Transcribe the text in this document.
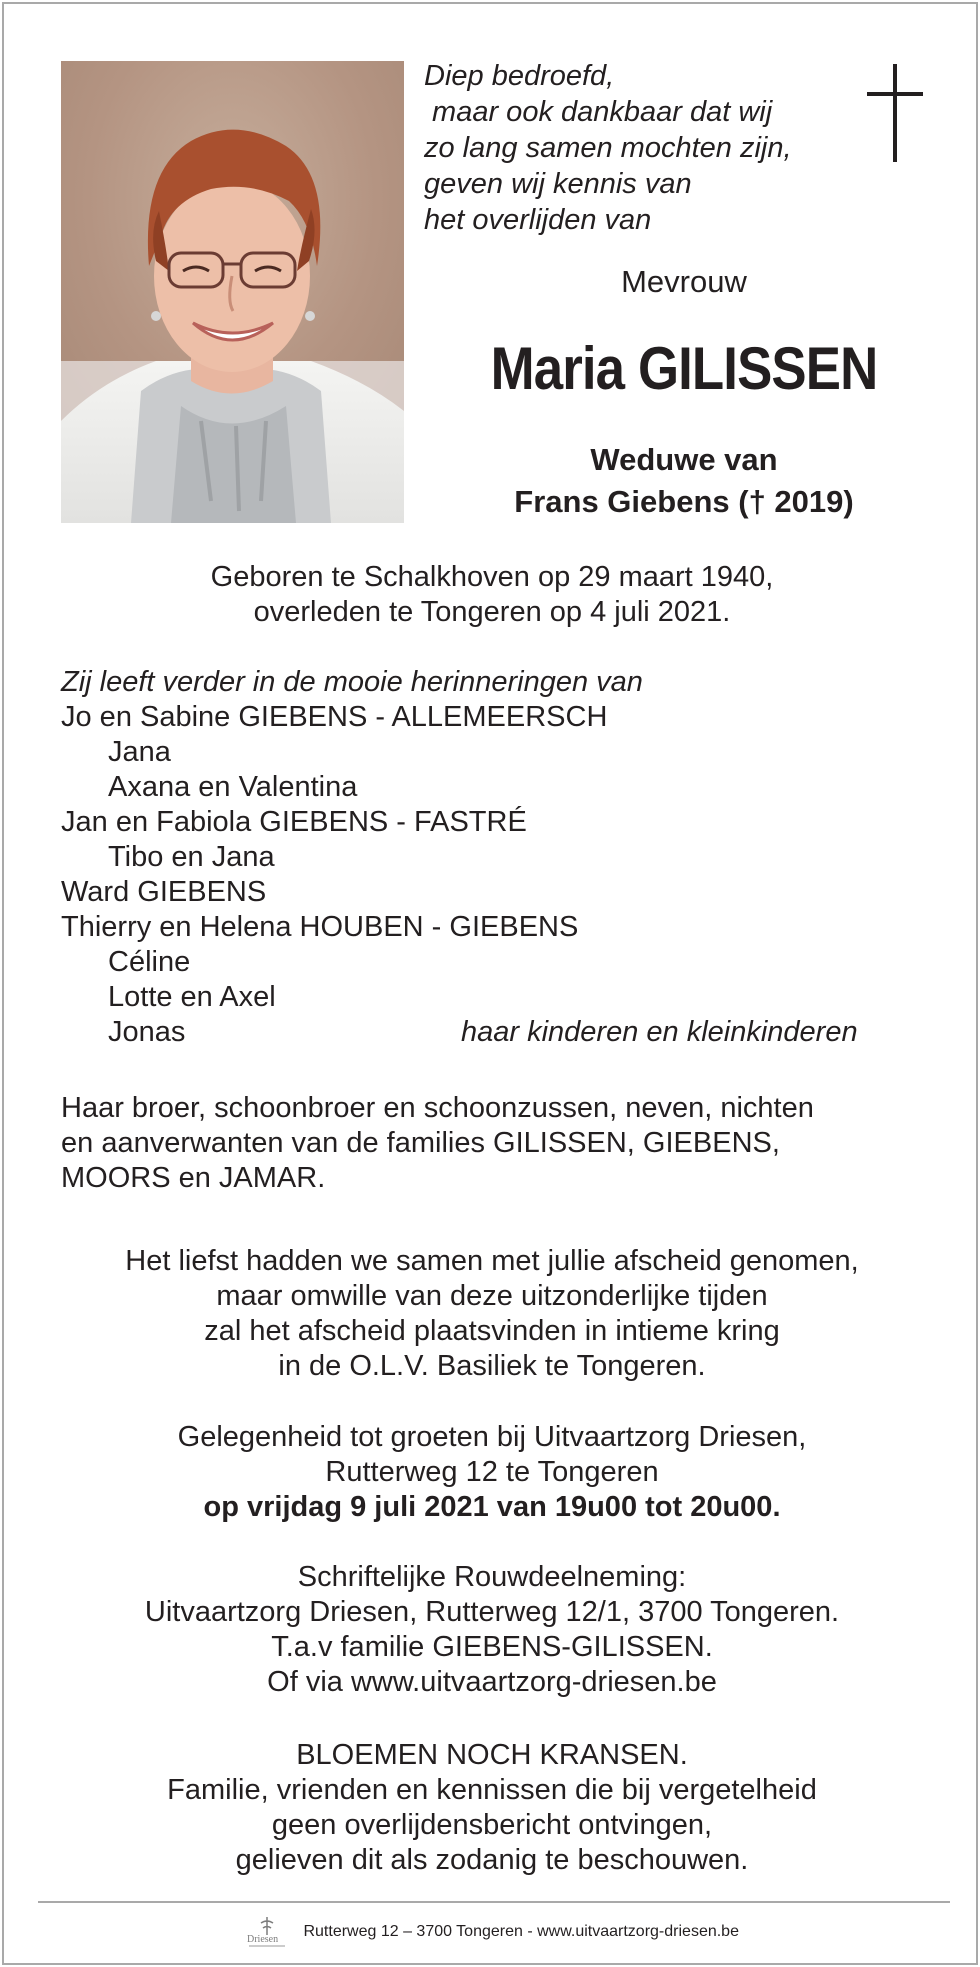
Diep bedroefd,
maar ook dankbaar dat wij
zo lang samen mochten zijn,
geven wij kennis van
het overlijden van
Mevrouw
Maria GILISSEN
Weduwe van
Frans Giebens († 2019)
Geboren te Schalkhoven op 29 maart 1940,
overleden te Tongeren op 4 juli 2021.
Zij leeft verder in de mooie herinneringen van
Jo en Sabine GIEBENS - ALLEMEERSCH
Jana
Axana en Valentina
Jan en Fabiola GIEBENS - FASTRÉ
Tibo en Jana
Ward GIEBENS
Thierry en Helena HOUBEN - GIEBENS
Céline
Lotte en Axel
Jonas	haar kinderen en kleinkinderen
Haar broer, schoonbroer en schoonzussen, neven, nichten
en aanverwanten van de families GILISSEN, GIEBENS,
MOORS en JAMAR.
Het liefst hadden we samen met jullie afscheid genomen,
maar omwille van deze uitzonderlijke tijden
zal het afscheid plaatsvinden in intieme kring
in de O.L.V. Basiliek te Tongeren.
Gelegenheid tot groeten bij Uitvaartzorg Driesen,
Rutterweg 12 te Tongeren
op vrijdag 9 juli 2021 van 19u00 tot 20u00.
Schriftelijke Rouwdeelneming:
Uitvaartzorg Driesen, Rutterweg 12/1, 3700 Tongeren.
T.a.v familie GIEBENS-GILISSEN.
Of via www.uitvaartzorg-driesen.be
BLOEMEN NOCH KRANSEN.
Familie, vrienden en kennissen die bij vergetelheid
geen overlijdensbericht ontvingen,
gelieven dit als zodanig te beschouwen.
Driesen Rutterweg 12 – 3700 Tongeren - www.uitvaartzorg-driesen.be
